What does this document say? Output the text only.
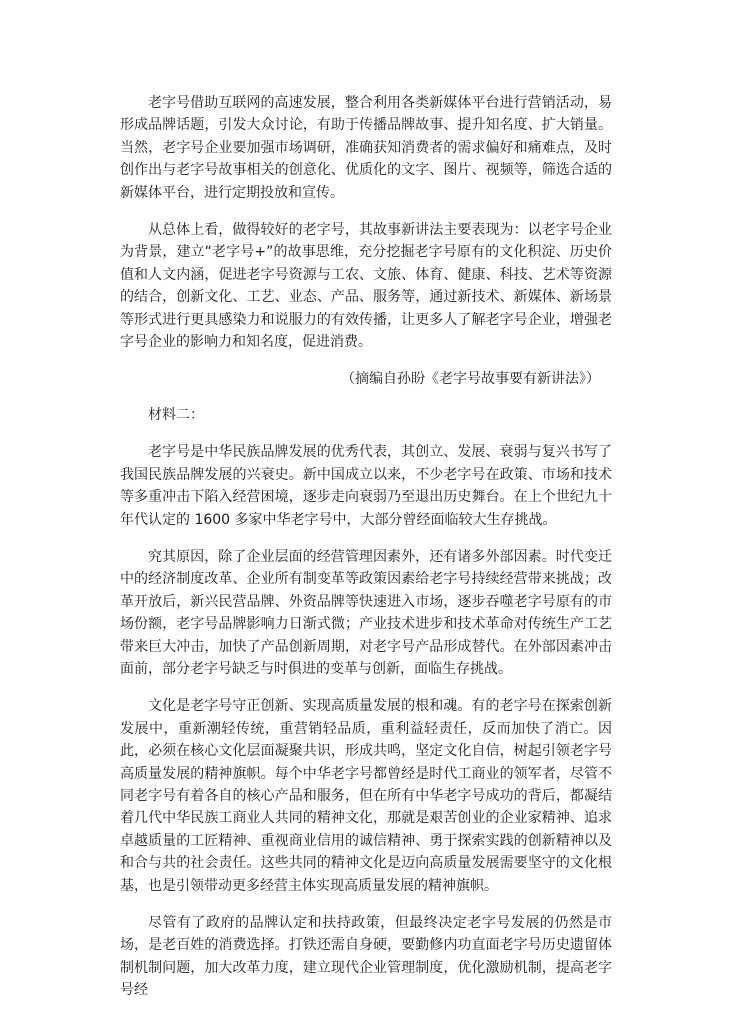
老字号借助互联网的高速发展，整合利用各类新媒体平台进行营销活动，易形成品牌话题，引发大众讨论，有助于传播品牌故事、提升知名度、扩大销量。当然，老字号企业要加强市场调研，准确获知消费者的需求偏好和痛难点，及时创作出与老字号故事相关的创意化、优质化的文字、图片、视频等，筛选合适的新媒体平台，进行定期投放和宣传。

从总体上看，做得较好的老字号，其故事新讲法主要表现为：以老字号企业为背景，建立“老字号+”的故事思维，充分挖掘老字号原有的文化积淀、历史价值和人文内涵，促进老字号资源与工农、文旅、体育、健康、科技、艺术等资源的结合，创新文化、工艺、业态、产品、服务等，通过新技术、新媒体、新场景等形式进行更具感染力和说服力的有效传播，让更多人了解老字号企业，增强老字号企业的影响力和知名度，促进消费。

（摘编自孙盼《老字号故事要有新讲法》）

材料二：

老字号是中华民族品牌发展的优秀代表，其创立、发展、衰弱与复兴书写了我国民族品牌发展的兴衰史。新中国成立以来，不少老字号在政策、市场和技术等多重冲击下陷入经营困境，逐步走向衰弱乃至退出历史舞台。在上个世纪九十年代认定的 1600 多家中华老字号中，大部分曾经面临较大生存挑战。

究其原因，除了企业层面的经营管理因素外，还有诸多外部因素。时代变迁中的经济制度改革、企业所有制变革等政策因素给老字号持续经营带来挑战；改革开放后，新兴民营品牌、外资品牌等快速进入市场，逐步吞噬老字号原有的市场份额，老字号品牌影响力日渐式微；产业技术进步和技术革命对传统生产工艺带来巨大冲击，加快了产品创新周期，对老字号产品形成替代。在外部因素冲击面前，部分老字号缺乏与时俱进的变革与创新，面临生存挑战。

文化是老字号守正创新、实现高质量发展的根和魂。有的老字号在探索创新发展中，重新潮轻传统，重营销轻品质，重利益轻责任，反而加快了消亡。因此，必须在核心文化层面凝聚共识，形成共鸣，坚定文化自信，树起引领老字号高质量发展的精神旗帜。每个中华老字号都曾经是时代工商业的领军者，尽管不同老字号有着各自的核心产品和服务，但在所有中华老字号成功的背后，都凝结着几代中华民族工商业人共同的精神文化，那就是艰苦创业的企业家精神、追求卓越质量的工匠精神、重视商业信用的诚信精神、勇于探索实践的创新精神以及和合与共的社会责任。这些共同的精神文化是迈向高质量发展需要坚守的文化根基，也是引领带动更多经营主体实现高质量发展的精神旗帜。

尽管有了政府的品牌认定和扶持政策，但最终决定老字号发展的仍然是市场，是老百姓的消费选择。打铁还需自身硬，要勤修内功直面老字号历史遗留体制机制问题，加大改革力度，建立现代企业管理制度，优化激励机制，提高老字号经
